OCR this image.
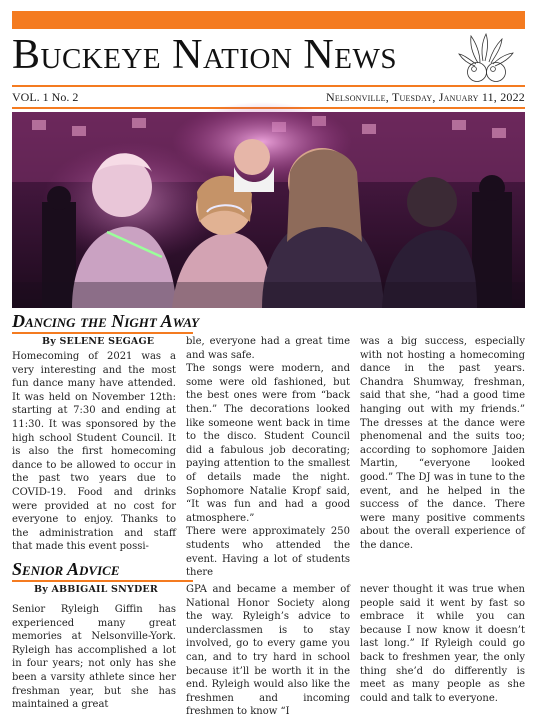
Buckeye Nation News
VOL. 1 No. 2	Nelsonville, Tuesday, January 11, 2022
Dancing the Night Away
By SELENE SEGAGE

Homecoming of 2021 was a very interesting and the most fun dance many have attended. It was held on November 12th: starting at 7:30 and ending at 11:30. It was sponsored by the high school Student Council. It is also the first homecoming dance to be allowed to occur in the past two years due to COVID-19. Food and drinks were provided at no cost for everyone to enjoy. Thanks to the administration and staff that made this event possi-

ble, everyone had a great time and was safe.

The songs were modern, and some were old fashioned, but the best ones were from “back then.” The decorations looked like someone went back in time to the disco. Student Council did a fabulous job decorating; paying attention to the smallest of details made the night. Sophomore Natalie Kropf said, “It was fun and had a good atmosphere.”

There were approximately 250 students who attended the event. Having a lot of students there

was a big success, especially with not hosting a homecoming dance in the past years. Chandra Shumway, freshman, said that she, “had a good time hanging out with my friends.” The dresses at the dance were phenomenal and the suits too; according to sophomore Jaiden Martin, “everyone looked good.” The DJ was in tune to the event, and he helped in the success of the dance. There were many positive comments about the overall experience of the dance.

Senior Advice
By ABBIGAIL SNYDER

Senior Ryleigh Giffin has experienced many great memories at Nelsonville-York. Ryleigh has accomplished a lot in four years; not only has she been a varsity athlete since her freshman year, but she has maintained a great

GPA and became a member of National Honor Society along the way. Ryleigh’s advice to underclassmen is to stay involved, go to every game you can, and to try hard in school because it’ll be worth it in the end. Ryleigh would also like the freshmen and incoming freshmen to know “I

never thought it was true when people said it went by fast so embrace it while you can because I now know it doesn’t last long.” If Ryleigh could go back to freshmen year, the only thing she’d do differently is meet as many people as she could and talk to everyone.
